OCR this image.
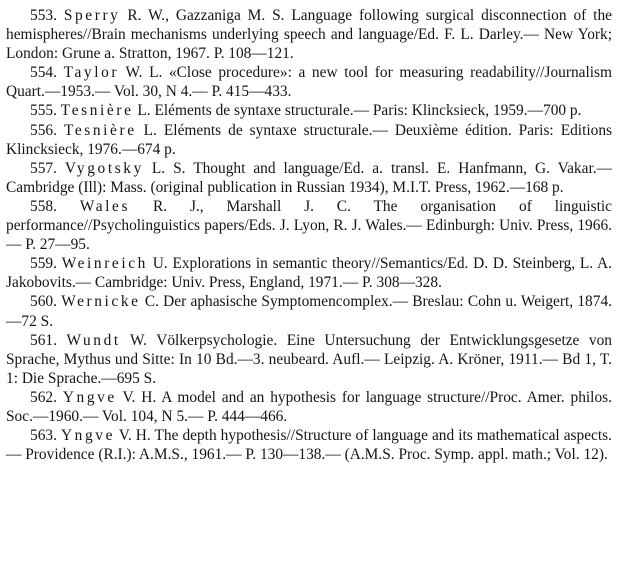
553. Sperry R. W., Gazzaniga M. S. Language following surgical disconnection of the hemispheres//Brain mechanisms underlying speech and language/Ed. F. L. Darley.— New York; London: Grune a. Stratton, 1967. P. 108—121.

554. Taylor W. L. «Close procedure»: a new tool for measuring readability//Journalism Quart.—1953.— Vol. 30, N 4.— P. 415—433.

555. Tesnière L. Eléments de syntaxe structurale.— Paris: Klincksieck, 1959.—700 p.

556. Tesnière L. Eléments de syntaxe structurale.— Deuxième édition. Paris: Editions Klincksieck, 1976.—674 p.

557. Vygotsky L. S. Thought and language/Ed. a. transl. E. Hanfmann, G. Vakar.— Cambridge (Ill): Mass. (original publication in Russian 1934), M.I.T. Press, 1962.—168 p.

558. Wales R. J., Marshall J. C. The organisation of linguistic performance//Psycholinguistics papers/Eds. J. Lyon, R. J. Wales.— Edinburgh: Univ. Press, 1966.— P. 27—95.

559. Weinreich U. Explorations in semantic theory//Semantics/Ed. D. D. Steinberg, L. A. Jakobovits.— Cambridge: Univ. Press, England, 1971.— P. 308—328.

560. Wernicke C. Der aphasische Symptomencomplex.— Breslau: Cohn u. Weigert, 1874.—72 S.

561. Wundt W. Völkerpsychologie. Eine Untersuchung der Entwicklungsgesetze von Sprache, Mythus und Sitte: In 10 Bd.—3. neubeard. Aufl.— Leipzig. A. Kröner, 1911.— Bd 1, T. 1: Die Sprache.—695 S.

562. Yngve V. H. A model and an hypothesis for language structure//Proc. Amer. philos. Soc.—1960.— Vol. 104, N 5.— P. 444—466.

563. Yngve V. H. The depth hypothesis//Structure of language and its mathematical aspects.— Providence (R.I.): A.M.S., 1961.— P. 130—138.— (A.M.S. Proc. Symp. appl. math.; Vol. 12).
